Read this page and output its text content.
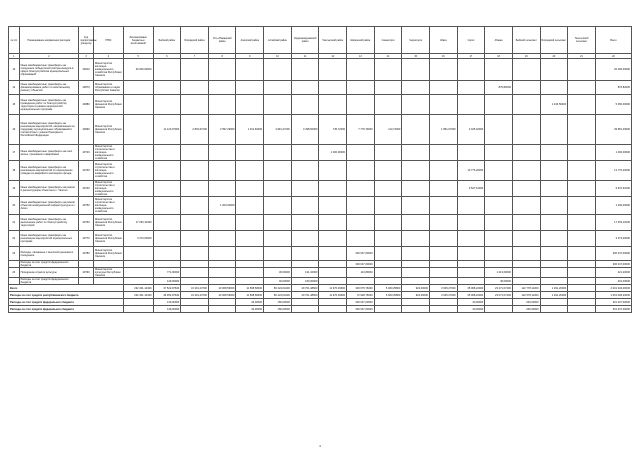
№ п/п	Наименование направления расходов	Код подпрограммы (раздела)	ГРБС	Запланировано бюджетных ассигнований	Бейский район	Боградский район	Усть-Абаканский район	Аскизский район	Алтайский район	Орджоникидзевский район	Таштыпский район	Ширинский район	Саяногорск	Черногорск	Абаза	Сорск	Абакан	Бейский сельсовет	Боградский сельсовет	Таштыпский сельсовет	Всего
1	2	3	4	5	6	7	8	9	10	11	12	13	14	15	16	17	18	19	20	21	22
13	Иные межбюджетные трансферты на поощрение победителей смотра-конкурса в сфере благоустройства муниципальных образований	40610	Министерство жилищно-коммунального хозяйства Республики Хакасия	20 000,00000																	20 000,00000
14	Иные межбюджетные трансферты на финансирование работ по капитальному ремонту объектов	40670	Министерство образования и науки Республики Хакасия														876,82000				876,82000
15	Иные межбюджетные трансферты на проведение работ по благоустройству территории в рамках мероприятий муниципальных программ	40680	Министерство финансов Республики Хакасия																1 433,56400		5 450,00000
16	Иные межбюджетные трансферты на реализацию мероприятий, направленных на поддержку муниципальных образований в соответствии с указом Президента Российской Федерации	40690	Министерство финансов Республики Хакасия		11 123,97000	2 802,64700	2 597,29000	1 312,60000	4 991,27200	3 498,60000	745,72000	7 779,79000	113,74000		1 891,07000	3 425,02000					39 581,29000
17	Иные межбюджетные трансферты на снос жилья, признанного аварийным	40720	Министерство строительства и жилищно-коммунального хозяйства								1 400,00000										1 400,00000
18	Иные межбюджетные трансферты на реализацию мероприятий по переселению граждан из аварийного жилищного фонда	40730	Министерство строительства и жилищно-коммунального хозяйства													13 776,20000					13 776,20000
19	Иные межбюджетные трансферты на ремонт и реконструкцию объектов в с. Таштып	40740	Министерство строительства и жилищно-коммунального хозяйства													9 547,61000					9 547,61000
20	Иные межбюджетные трансферты на ремонт объектов коммунальной инфраструктуры в с. Аскиз	40750	Министерство строительства и жилищно-коммунального хозяйства				1 200,00000														1 200,00000
21	Иные межбюджетные трансферты на выполнение работ по благоустройству территорий	40760	Министерство финансов Республики Хакасия	17 253,10430																	17 253,10430
22	Иные межбюджетные трансферты на реализацию мероприятий муниципальных программ	40770	Министерство финансов Республики Хакасия	3 473,00000																	3 473,00000
23	Расходы, связанные с выплатой денежного поощрения	40780	Министерство финансов Республики Хакасия									300 047,00000									300 047,00000
	Расходы за счет средств федерального бюджета											300 047,00000									300 047,00000
24	Поощрение отрасли культуры	40790	Министерство культуры Республики Хакасия		771,00000				30,00000	131,10000		113,80000					1 213,60000				421,20000
	Расходы за счет средств федерального бюджета				149,00000				40,00000	150,00000							40,00000				201,00000
Всего				232 401,14430	47 522,97630	31 301,23700	43 008,59000	11 838,58400	86 424,04400	29 701,48600	11 976,93600	336 675,76000	5 483,25800	924,00000	3 625,27000	35 068,22000	23 271,07400	122 778,11000	1 291,20000		2 201 232,00000
Расходы за счет средств республиканского бюджета				232 401,14430	46 952,97630	31 301,23700	43 008,59000	11 838,58400	86 424,04400	29 701,48600	11 976,93600	72 928,76000	5 483,25800	924,00000	3 625,27000	35 068,22000	23 071,07400	122 578,11000	1 291,20000		1 661 028,20000
Расходы за счет средств федерального бюджета					149,00000			40,00000	150,00000			300 047,00000				40,00000		200,00000			301 237,00000
Расходы за счет средств федерального бюджета					149,00000			40,00000	150,00000			300 047,00000				40,00000		200,00000			301 237,00000
4
